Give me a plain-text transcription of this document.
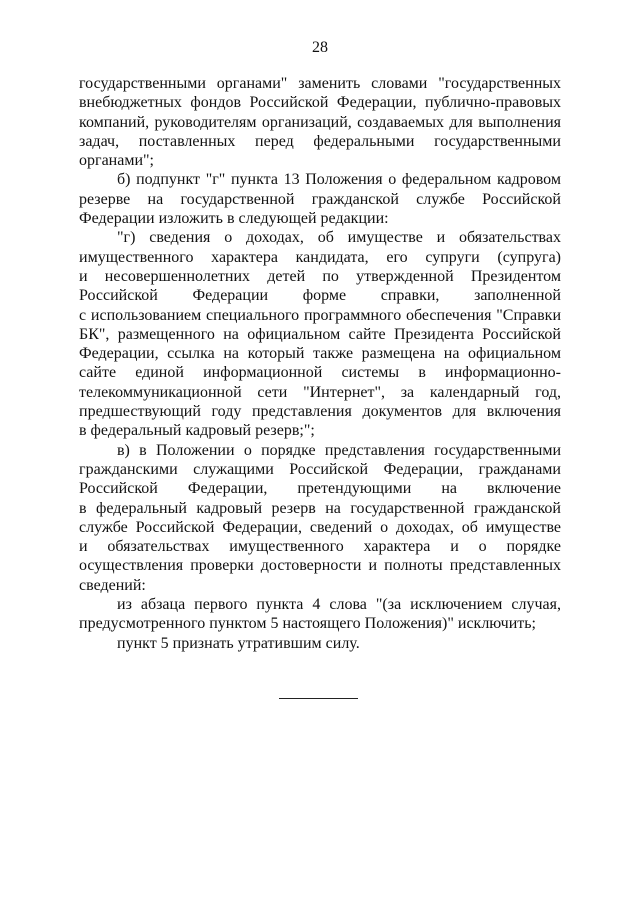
28
государственными органами" заменить словами "государственных
внебюджетных фондов Российской Федерации, публично-правовых
компаний, руководителям организаций, создаваемых для выполнения
задач, поставленных перед федеральными государственными
органами";
б) подпункт "г" пункта 13 Положения о федеральном кадровом
резерве на государственной гражданской службе Российской
Федерации изложить в следующей редакции:
"г) сведения о доходах, об имуществе и обязательствах
имущественного характера кандидата, его супруги (супруга)
и несовершеннолетних детей по утвержденной Президентом
Российской Федерации форме справки, заполненной
с использованием специального программного обеспечения "Справки
БК", размещенного на официальном сайте Президента Российской
Федерации, ссылка на который также размещена на официальном
сайте единой информационной системы в информационно-
телекоммуникационной сети "Интернет", за календарный год,
предшествующий году представления документов для включения
в федеральный кадровый резерв;";
в) в Положении о порядке представления государственными
гражданскими служащими Российской Федерации, гражданами
Российской Федерации, претендующими на включение
в федеральный кадровый резерв на государственной гражданской
службе Российской Федерации, сведений о доходах, об имуществе
и обязательствах имущественного характера и о порядке
осуществления проверки достоверности и полноты представленных
сведений:
из абзаца первого пункта 4 слова "(за исключением случая,
предусмотренного пунктом 5 настоящего Положения)" исключить;
пункт 5 признать утратившим силу.
